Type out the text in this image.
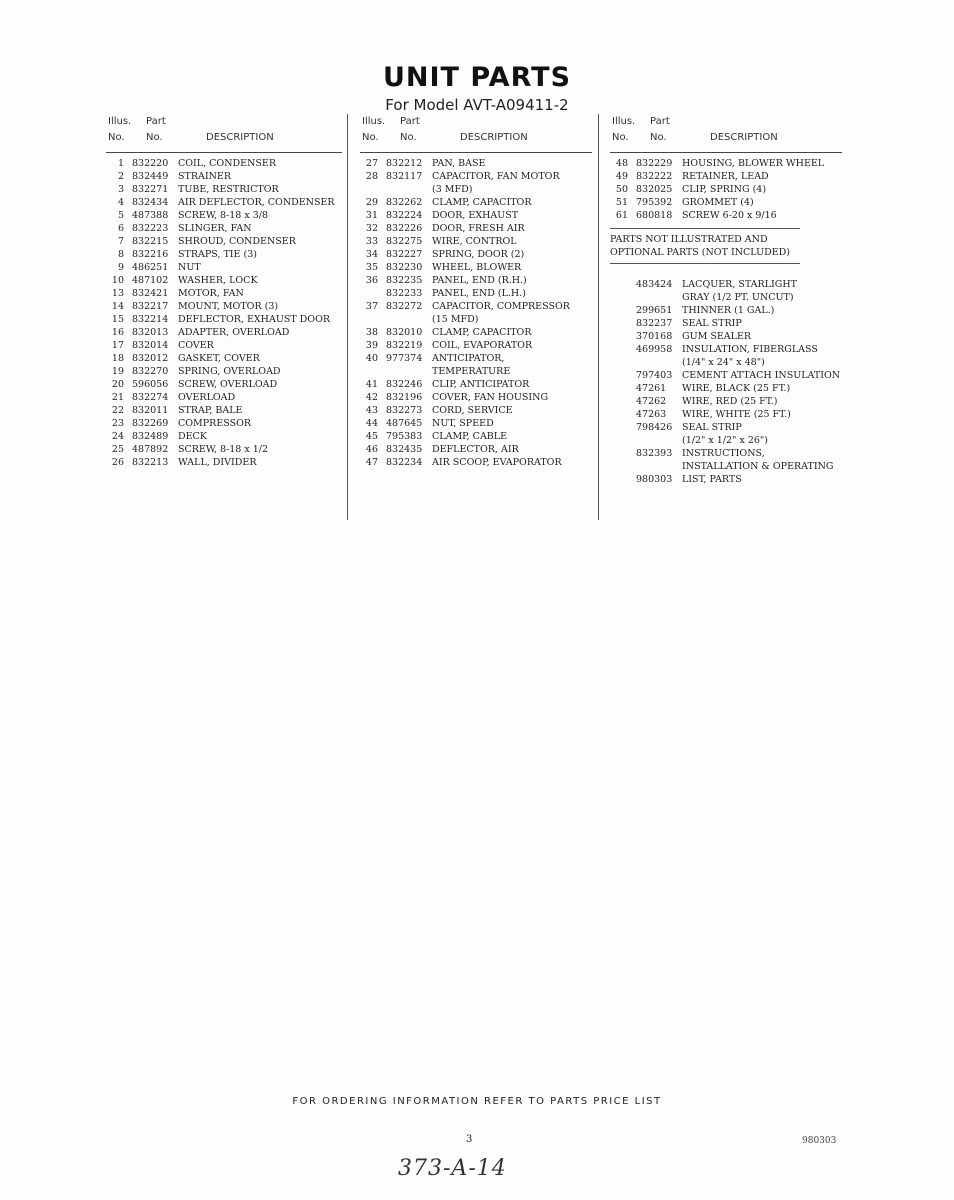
UNIT PARTS
For Model AVT-A09411-2
Illus. Part
No. No.	DESCRIPTION
1 832220 COIL, CONDENSER
2 832449 STRAINER
3 832271 TUBE, RESTRICTOR
4 832434 AIR DEFLECTOR, CONDENSER
5 487388 SCREW, 8-18 x 3/8
6 832223 SLINGER, FAN
7 832215 SHROUD, CONDENSER
8 832216 STRAPS, TIE (3)
9 486251 NUT
10 487102 WASHER, LOCK
13 832421 MOTOR, FAN
14 832217 MOUNT, MOTOR (3)
15 832214 DEFLECTOR, EXHAUST DOOR
16 832013 ADAPTER, OVERLOAD
17 832014 COVER
18 832012 GASKET, COVER
19 832270 SPRING, OVERLOAD
20 596056 SCREW, OVERLOAD
21 832274 OVERLOAD
22 832011 STRAP, BALE
23 832269 COMPRESSOR
24 832489 DECK
25 487892 SCREW, 8-18 x 1/2
26 832213 WALL, DIVIDER
Illus. Part
No. No.	DESCRIPTION
27 832212 PAN, BASE
28 832117 CAPACITOR, FAN MOTOR
(3 MFD)
29 832262 CLAMP, CAPACITOR
31 832224 DOOR, EXHAUST
32 832226 DOOR, FRESH AIR
33 832275 WIRE, CONTROL
34 832227 SPRING, DOOR (2)
35 832230 WHEEL, BLOWER
36 832235 PANEL, END (R.H.)
832233 PANEL, END (L.H.)
37 832272 CAPACITOR, COMPRESSOR
(15 MFD)
38 832010 CLAMP, CAPACITOR
39 832219 COIL, EVAPORATOR
40 977374 ANTICIPATOR,
TEMPERATURE
41 832246 CLIP, ANTICIPATOR
42 832196 COVER, FAN HOUSING
43 832273 CORD, SERVICE
44 487645 NUT, SPEED
45 795383 CLAMP, CABLE
46 832435 DEFLECTOR, AIR
47 832234 AIR SCOOP, EVAPORATOR
Illus. Part
No. No.	DESCRIPTION
48 832229 HOUSING, BLOWER WHEEL
49 832222 RETAINER, LEAD
50 832025 CLIP, SPRING (4)
51 795392 GROMMET (4)
61 680818 SCREW 6-20 x 9/16
PARTS NOT ILLUSTRATED AND
OPTIONAL PARTS (NOT INCLUDED)
483424 LACQUER, STARLIGHT
GRAY (1/2 PT. UNCUT)
299651 THINNER (1 GAL.)
832237 SEAL STRIP
370168 GUM SEALER
469958 INSULATION, FIBERGLASS
(1/4" x 24" x 48")
797403 CEMENT ATTACH INSULATION
47261 WIRE, BLACK (25 FT.)
47262 WIRE, RED (25 FT.)
47263 WIRE, WHITE (25 FT.)
798426 SEAL STRIP
(1/2" x 1/2" x 26")
832393 INSTRUCTIONS,
INSTALLATION & OPERATING
980303 LIST, PARTS
FOR ORDERING INFORMATION REFER TO PARTS PRICE LIST
3	980303
373-A-14
